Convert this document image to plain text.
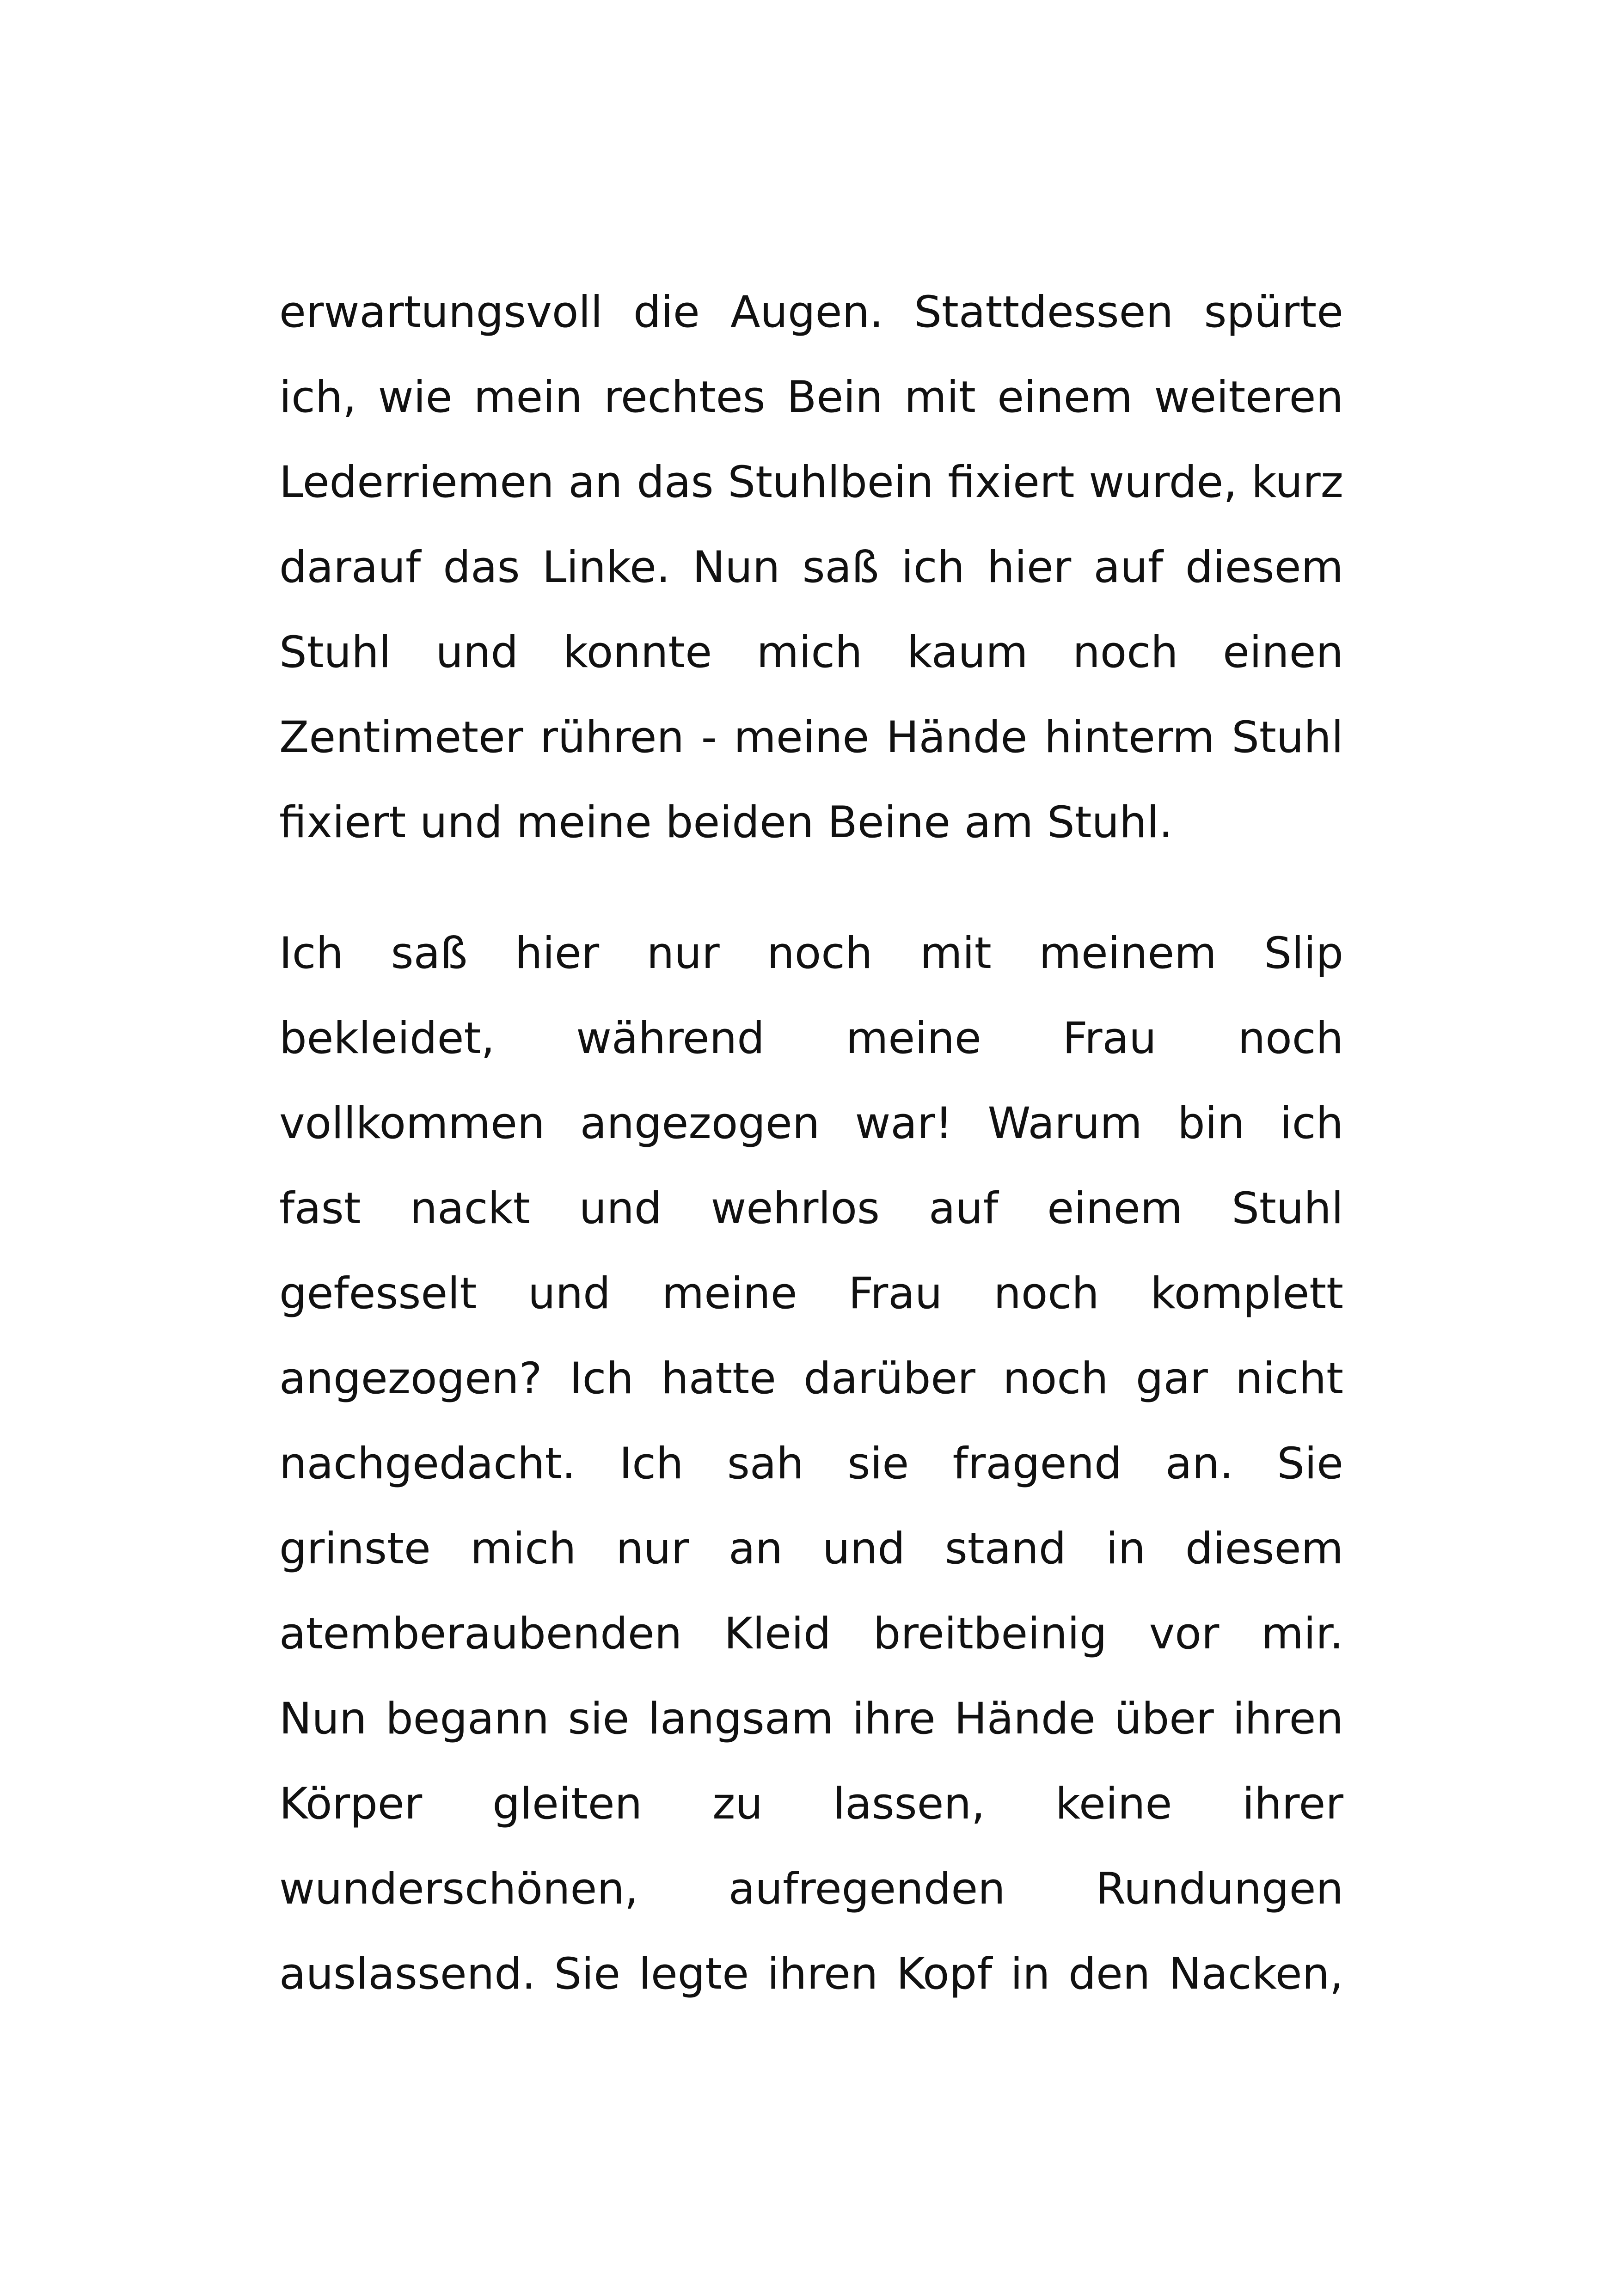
erwartungsvoll die Augen. Stattdessen spürte
ich, wie mein rechtes Bein mit einem weiteren
Lederriemen an das Stuhlbein fixiert wurde, kurz
darauf das Linke. Nun saß ich hier auf diesem
Stuhl und konnte mich kaum noch einen
Zentimeter rühren - meine Hände hinterm Stuhl
fixiert und meine beiden Beine am Stuhl.
Ich saß hier nur noch mit meinem Slip
bekleidet, während meine Frau noch
vollkommen angezogen war! Warum bin ich
fast nackt und wehrlos auf einem Stuhl
gefesselt und meine Frau noch komplett
angezogen? Ich hatte darüber noch gar nicht
nachgedacht. Ich sah sie fragend an. Sie
grinste mich nur an und stand in diesem
atemberaubenden Kleid breitbeinig vor mir.
Nun begann sie langsam ihre Hände über ihren
Körper gleiten zu lassen, keine ihrer
wunderschönen, aufregenden Rundungen
auslassend. Sie legte ihren Kopf in den Nacken,
